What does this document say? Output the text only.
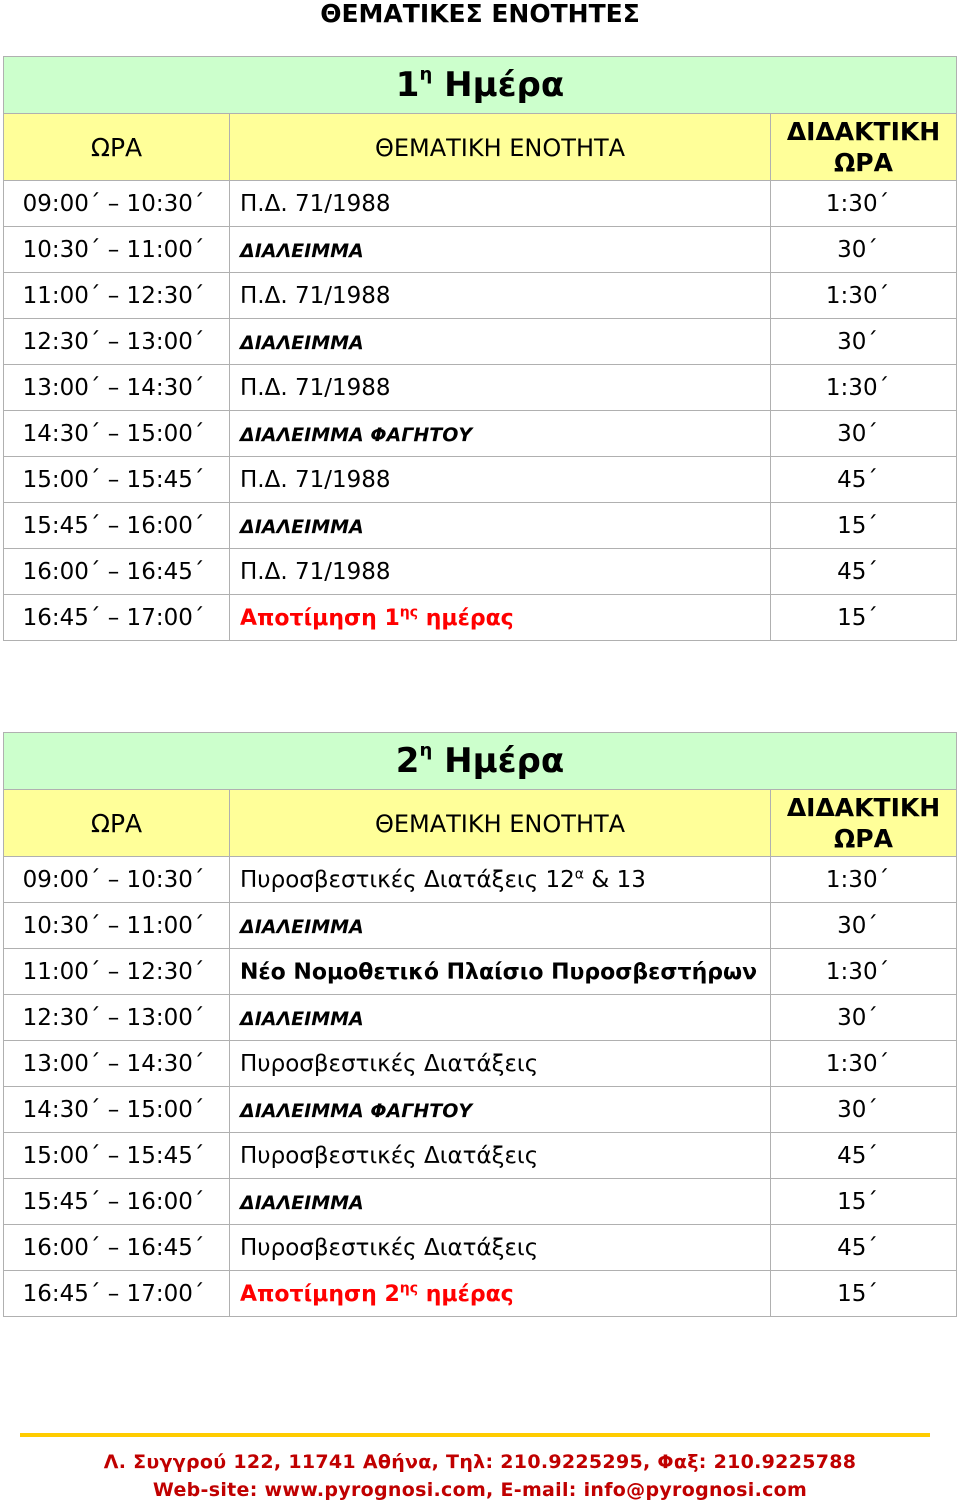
ΘΕΜΑΤΙΚΕΣ ΕΝΟΤΗΤΕΣ
$1^\eta$ Ημέρα		
ΩΡΑ	ΘΕΜΑΤΙΚΗ ΕΝΟΤΗΤΑ	ΔΙΔΑΚΤΙΚΗ
ΩΡΑ
09:00΄ – 10:30΄	Π.Δ. 71/1988	1:30΄
10:30΄ – 11:00΄	ΔΙΑΛΕΙΜΜΑ	30΄
11:00΄ – 12:30΄	Π.Δ. 71/1988	1:30΄
12:30΄ – 13:00΄	ΔΙΑΛΕΙΜΜΑ	30΄
13:00΄ – 14:30΄	Π.Δ. 71/1988	1:30΄
14:30΄ – 15:00΄	ΔΙΑΛΕΙΜΜΑ ΦΑΓΗΤΟΥ	30΄
15:00΄ – 15:45΄	Π.Δ. 71/1988	45΄
15:45΄ – 16:00΄	ΔΙΑΛΕΙΜΜΑ	15΄
16:00΄ – 16:45΄	Π.Δ. 71/1988	45΄
16:45΄ – 17:00΄	Αποτίμηση $1^{\eta\varsigma}$ ημέρας	15΄
$2^\eta$ Ημέρα		
ΩΡΑ	ΘΕΜΑΤΙΚΗ ΕΝΟΤΗΤΑ	ΔΙΔΑΚΤΙΚΗ
ΩΡΑ
09:00΄ – 10:30΄	Πυροσβεστικές Διατάξεις $12^\alpha$ & 13	1:30΄
10:30΄ – 11:00΄	ΔΙΑΛΕΙΜΜΑ	30΄
11:00΄ – 12:30΄	Νέο Νομοθετικό Πλαίσιο Πυροσβεστήρων	1:30΄
12:30΄ – 13:00΄	ΔΙΑΛΕΙΜΜΑ	30΄
13:00΄ – 14:30΄	Πυροσβεστικές Διατάξεις	1:30΄
14:30΄ – 15:00΄	ΔΙΑΛΕΙΜΜΑ ΦΑΓΗΤΟΥ	30΄
15:00΄ – 15:45΄	Πυροσβεστικές Διατάξεις	45΄
15:45΄ – 16:00΄	ΔΙΑΛΕΙΜΜΑ	15΄
16:00΄ – 16:45΄	Πυροσβεστικές Διατάξεις	45΄
16:45΄ – 17:00΄	Αποτίμηση $2^{\eta\varsigma}$ ημέρας	15΄
Λ. Συγγρού 122, 11741 Αθήνα, Τηλ: 210.9225295, Φαξ: 210.9225788
Web-site: www.pyrognosi.com, E-mail: info@pyrognosi.com
